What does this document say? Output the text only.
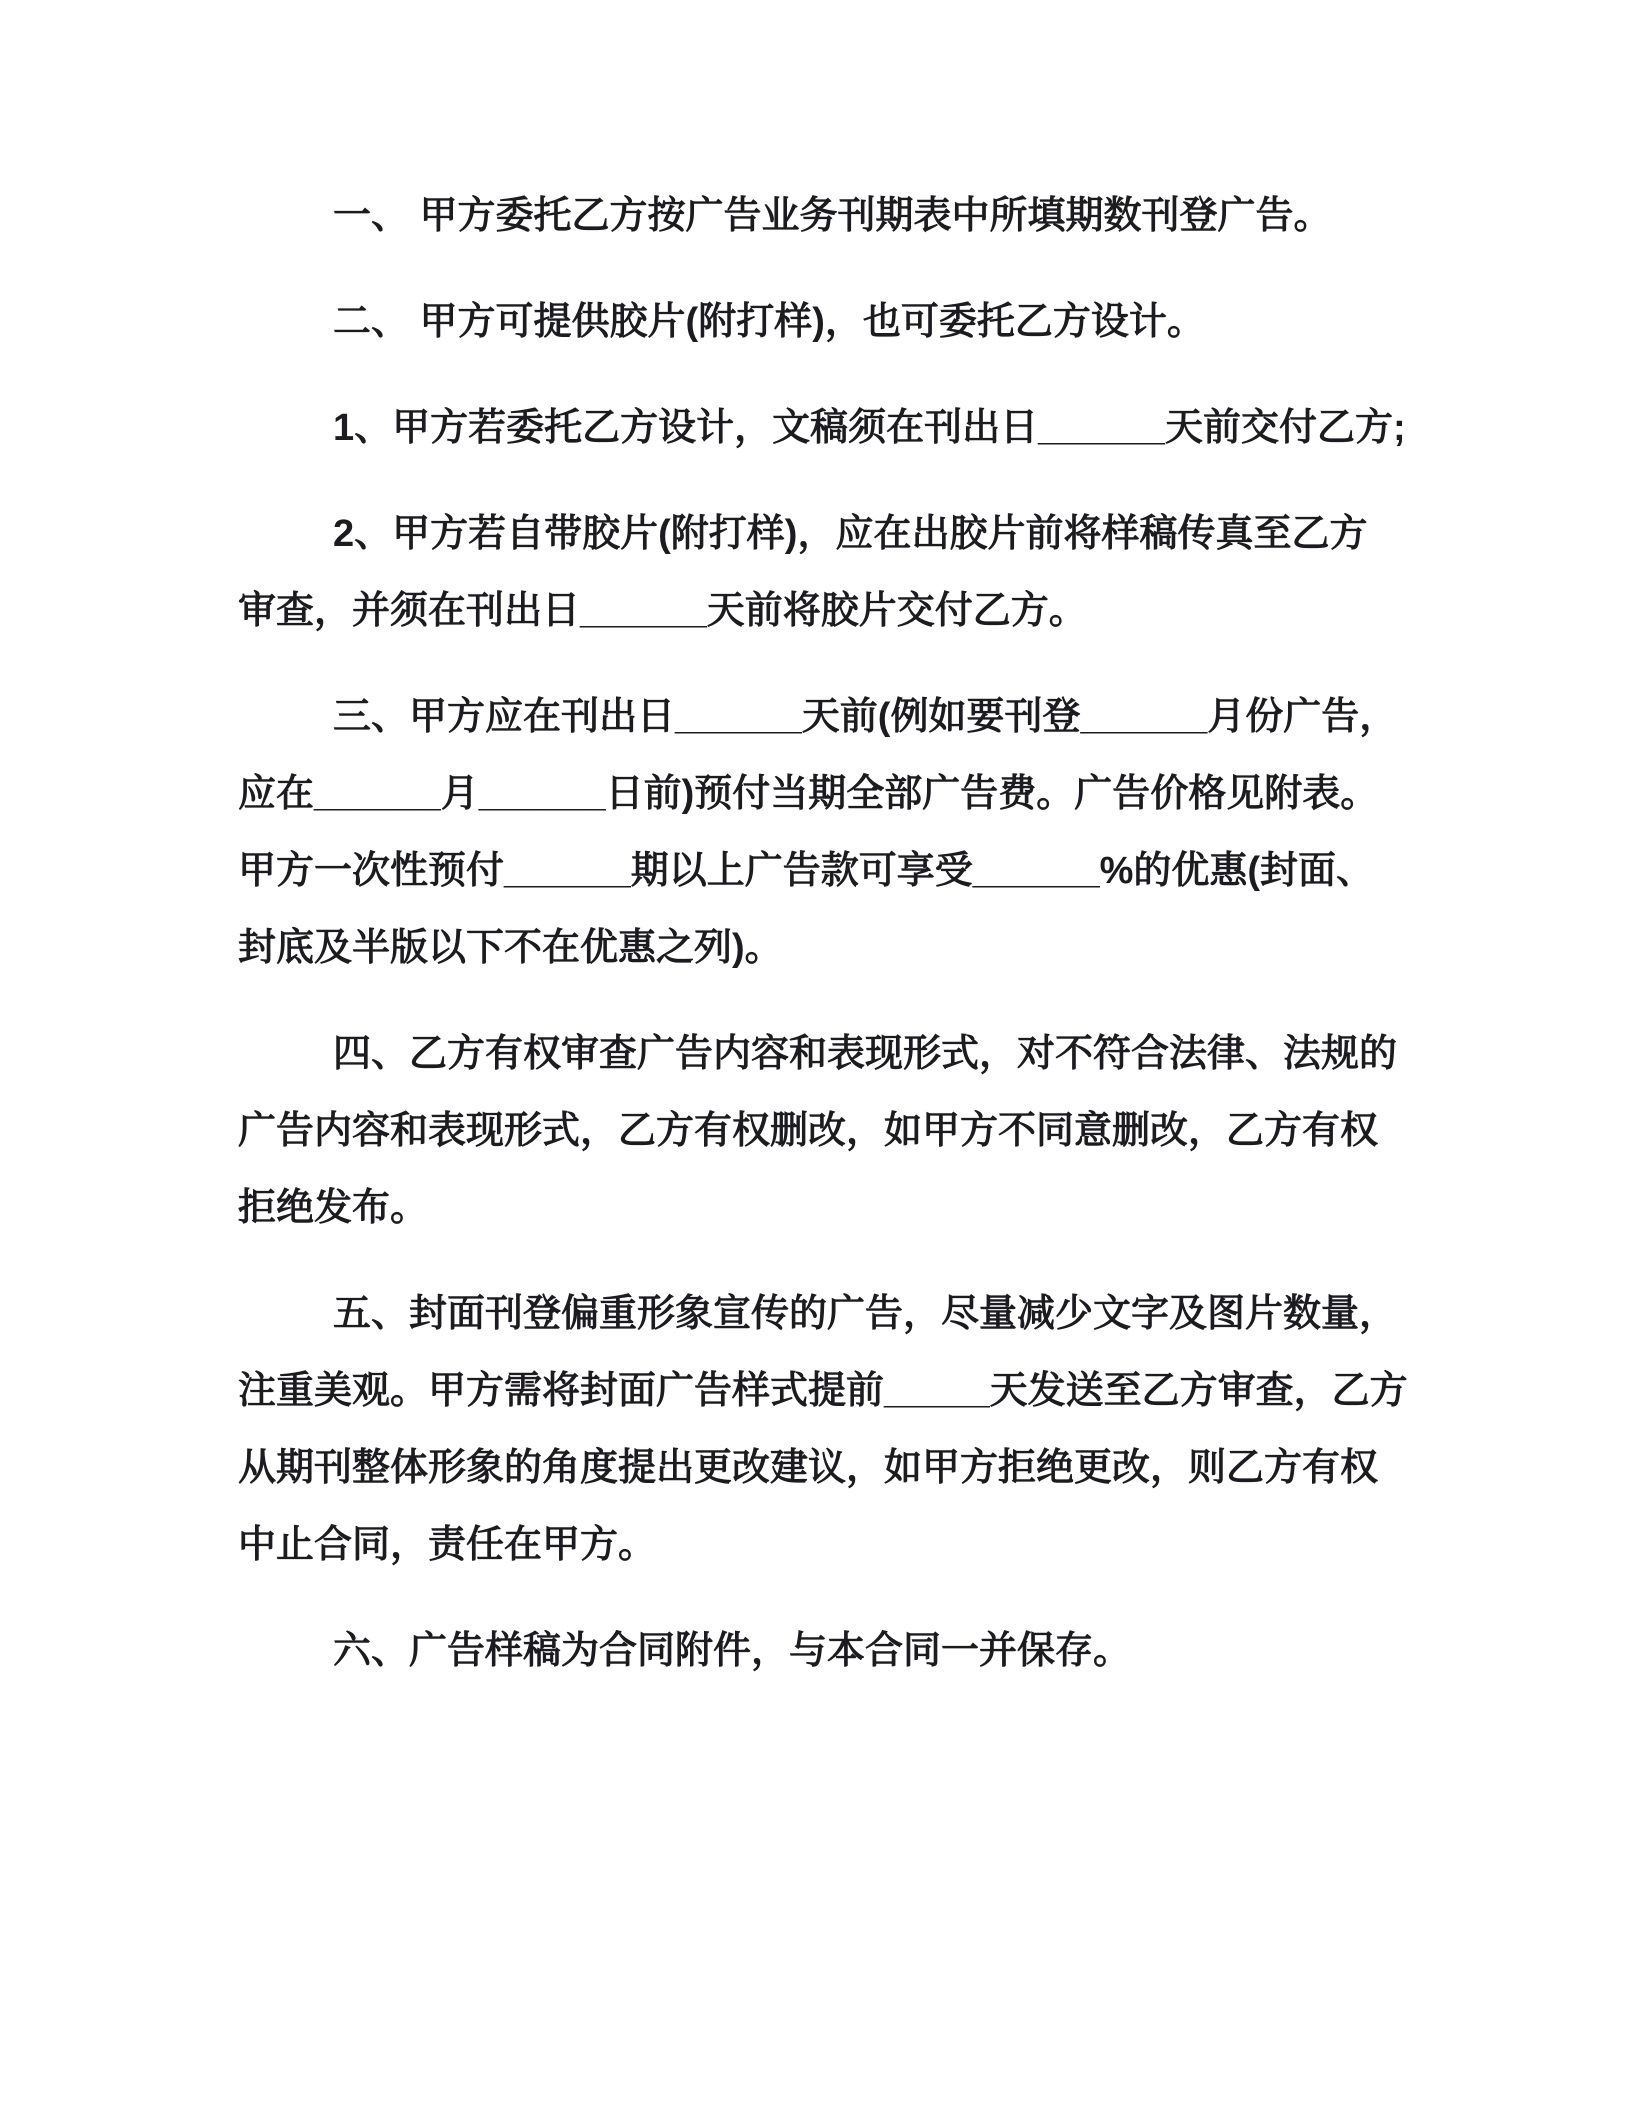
一、 甲方委托乙方按广告业务刊期表中所填期数刊登广告。
二、 甲方可提供胶片(附打样)，也可委托乙方设计。
1、甲方若委托乙方设计，文稿须在刊出日______天前交付乙方;
2、甲方若自带胶片(附打样)，应在出胶片前将样稿传真至乙方
审查，并须在刊出日______天前将胶片交付乙方。
三、甲方应在刊出日______天前(例如要刊登______月份广告，
应在______月______日前)预付当期全部广告费。广告价格见附表。
甲方一次性预付______期以上广告款可享受______%的优惠(封面、
封底及半版以下不在优惠之列)。
四、乙方有权审查广告内容和表现形式，对不符合法律、法规的
广告内容和表现形式，乙方有权删改，如甲方不同意删改，乙方有权
拒绝发布。
五、封面刊登偏重形象宣传的广告，尽量减少文字及图片数量，
注重美观。甲方需将封面广告样式提前_____天发送至乙方审查，乙方
从期刊整体形象的角度提出更改建议，如甲方拒绝更改，则乙方有权
中止合同，责任在甲方。
六、广告样稿为合同附件，与本合同一并保存。
